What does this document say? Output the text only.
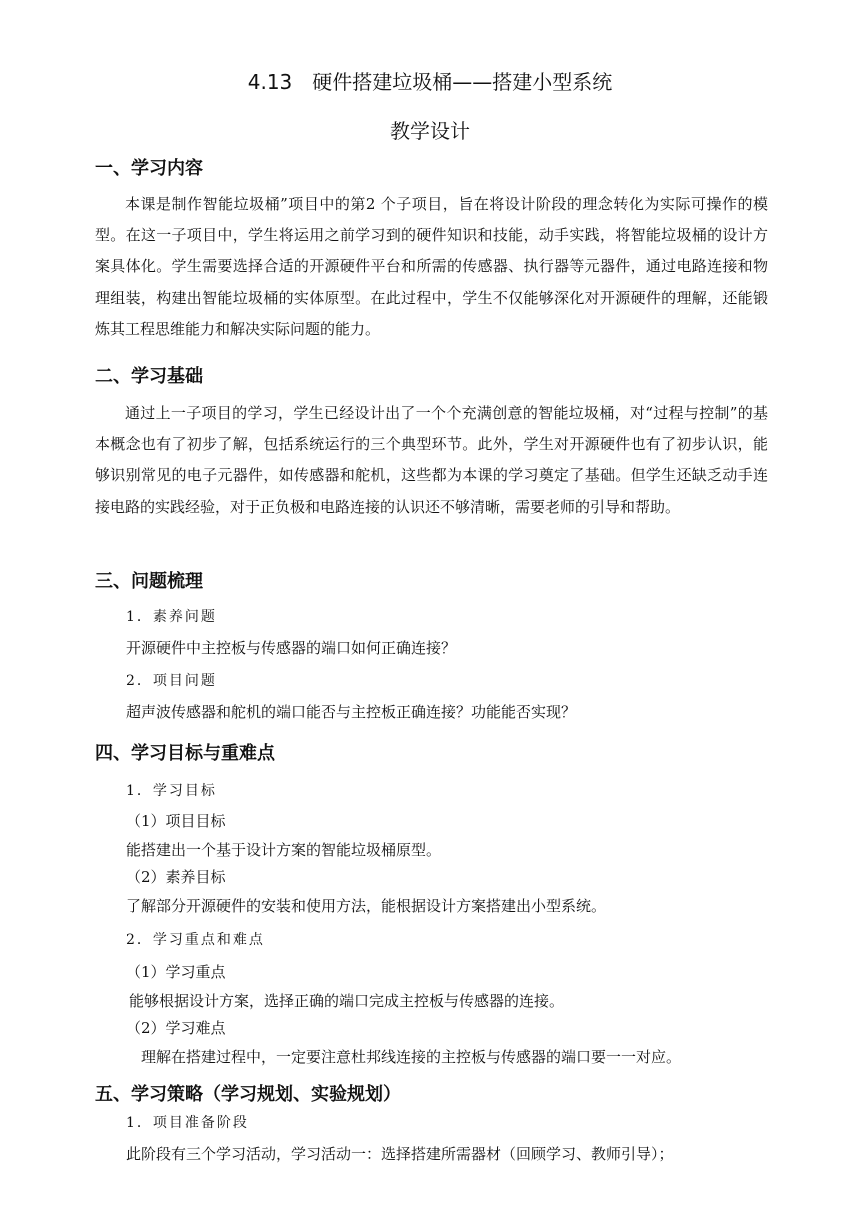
4.13　硬件搭建垃圾桶——搭建小型系统
教学设计
一、学习内容
本课是制作智能垃圾桶”项目中的第2 个子项目，旨在将设计阶段的理念转化为实际可操作的模型。在这一子项目中，学生将运用之前学习到的硬件知识和技能，动手实践，将智能垃圾桶的设计方案具体化。学生需要选择合适的开源硬件平台和所需的传感器、执行器等元器件，通过电路连接和物理组装，构建出智能垃圾桶的实体原型。在此过程中，学生不仅能够深化对开源硬件的理解，还能锻炼其工程思维能力和解决实际问题的能力。
二、学习基础
通过上一子项目的学习，学生已经设计出了一个个充满创意的智能垃圾桶，对“过程与控制”的基本概念也有了初步了解，包括系统运行的三个典型环节。此外，学生对开源硬件也有了初步认识，能够识别常见的电子元器件，如传感器和舵机，这些都为本课的学习奠定了基础。但学生还缺乏动手连接电路的实践经验，对于正负极和电路连接的认识还不够清晰，需要老师的引导和帮助。
三、问题梳理
1．素养问题
开源硬件中主控板与传感器的端口如何正确连接？
2．项目问题
超声波传感器和舵机的端口能否与主控板正确连接？功能能否实现？
四、学习目标与重难点
1．学习目标
（1）项目目标
能搭建出一个基于设计方案的智能垃圾桶原型。
（2）素养目标
了解部分开源硬件的安装和使用方法，能根据设计方案搭建出小型系统。
2．学习重点和难点
（1）学习重点
能够根据设计方案，选择正确的端口完成主控板与传感器的连接。
（2）学习难点
理解在搭建过程中，一定要注意杜邦线连接的主控板与传感器的端口要一一对应。
五、学习策略（学习规划、实验规划）
1．项目准备阶段
此阶段有三个学习活动，学习活动一：选择搭建所需器材（回顾学习、教师引导）；
